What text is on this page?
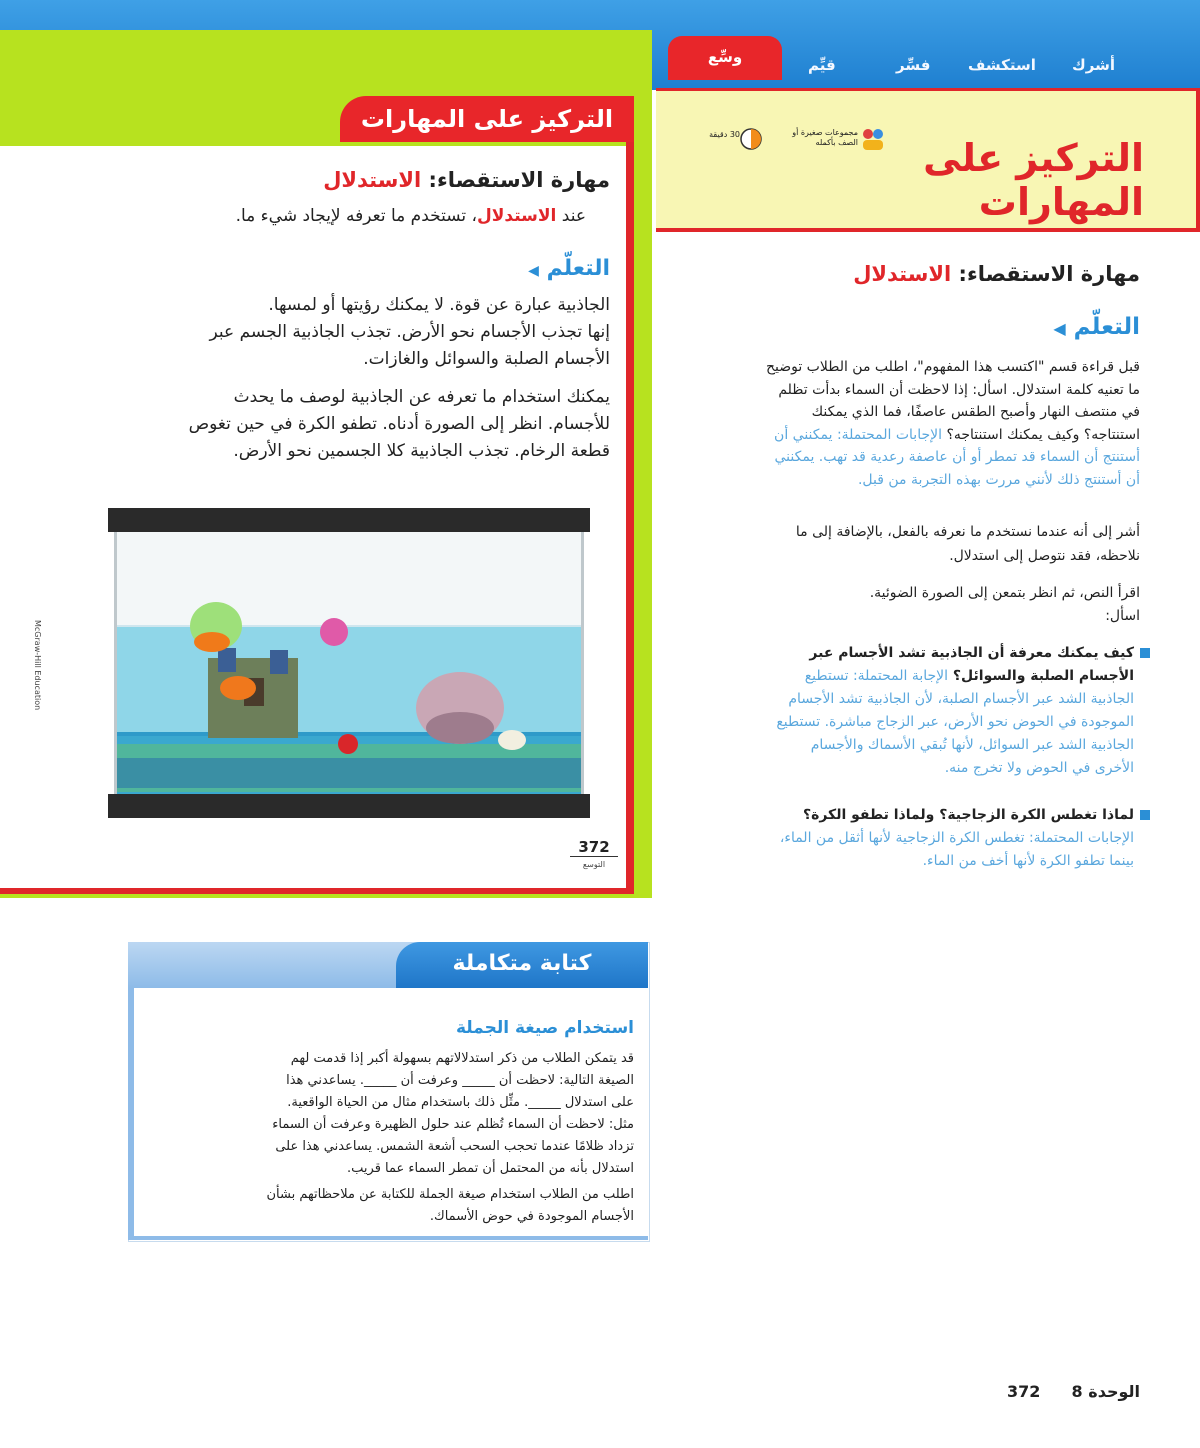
وسِّع	أشرك
استكشف
فسِّر
قيِّم
التركيز على المهارات
مهارة الاستقصاء: الاستدلال
عند الاستدلال، تستخدم ما تعرفه لإيجاد شيء ما.
التعلّم ◀
الجاذبية عبارة عن قوة. لا يمكنك رؤيتها أو لمسها.
إنها تجذب الأجسام نحو الأرض. تجذب الجاذبية الجسم عبر
الأجسام الصلبة والسوائل والغازات.
يمكنك استخدام ما تعرفه عن الجاذبية لوصف ما يحدث
للأجسام. انظر إلى الصورة أدناه. تطفو الكرة في حين تغوص
قطعة الرخام. تجذب الجاذبية كلا الجسمين نحو الأرض.
McGraw-Hill Education
372
التوسع
التركيز على
المهارات
مجموعات صغيرة أو الصف بأكمله
30 دقيقة
مهارة الاستقصاء: الاستدلال
التعلّم ◀
قبل قراءة قسم "اكتسب هذا المفهوم"، اطلب من الطلاب توضيح
ما تعنيه كلمة استدلال. اسأل: إذا لاحظت أن السماء بدأت تظلم
في منتصف النهار وأصبح الطقس عاصفًا، فما الذي يمكنك
استنتاجه؟ وكيف يمكنك استنتاجه؟ الإجابات المحتملة: يمكنني أن
أستنتج أن السماء قد تمطر أو أن عاصفة رعدية قد تهب. يمكنني
أن أستنتج ذلك لأنني مررت بهذه التجربة من قبل.
أشر إلى أنه عندما نستخدم ما نعرفه بالفعل، بالإضافة إلى ما
نلاحظه، فقد نتوصل إلى استدلال.
اقرأ النص، ثم انظر بتمعن إلى الصورة الضوئية.
اسأل:
كيف يمكنك معرفة أن الجاذبية تشد الأجسام عبر
الأجسام الصلبة والسوائل؟ الإجابة المحتملة: تستطيع
الجاذبية الشد عبر الأجسام الصلبة، لأن الجاذبية تشد الأجسام
الموجودة في الحوض نحو الأرض، عبر الزجاج مباشرة. تستطيع
الجاذبية الشد عبر السوائل، لأنها تُبقي الأسماك والأجسام
الأخرى في الحوض ولا تخرج منه.
لماذا تغطس الكرة الزجاجية؟ ولماذا تطفو الكرة؟
الإجابات المحتملة: تغطس الكرة الزجاجية لأنها أثقل من الماء،
بينما تطفو الكرة لأنها أخف من الماء.
كتابة متكاملة
استخدام صيغة الجملة
قد يتمكن الطلاب من ذكر استدلالاتهم بسهولة أكبر إذا قدمت لهم
الصيغة التالية: لاحظت أن _____ وعرفت أن _____. يساعدني هذا
على استدلال _____. مثِّل ذلك باستخدام مثال من الحياة الواقعية.
مثل: لاحظت أن السماء تُظلم عند حلول الظهيرة وعرفت أن السماء
تزداد ظلامًا عندما تحجب السحب أشعة الشمس. يساعدني هذا على
استدلال بأنه من المحتمل أن تمطر السماء عما قريب.
اطلب من الطلاب استخدام صيغة الجملة للكتابة عن ملاحظاتهم بشأن
الأجسام الموجودة في حوض الأسماك.
الوحدة 8  372
